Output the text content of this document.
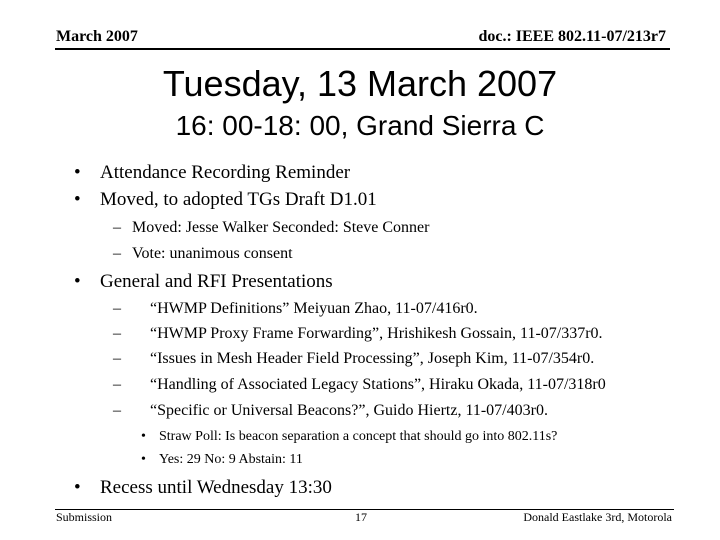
March 2007	doc.: IEEE 802.11-07/213r7
Tuesday, 13 March 2007
16: 00-18: 00, Grand Sierra C
• Attendance Recording Reminder
• Moved, to adopted TGs Draft D1.01
– Moved: Jesse Walker Seconded: Steve Conner
– Vote: unanimous consent
• General and RFI Presentations
– “HWMP Definitions” Meiyuan Zhao, 11-07/416r0.
– “HWMP Proxy Frame Forwarding”, Hrishikesh Gossain, 11-07/337r0.
– “Issues in Mesh Header Field Processing”, Joseph Kim, 11-07/354r0.
– “Handling of Associated Legacy Stations”, Hiraku Okada, 11-07/318r0
– “Specific or Universal Beacons?”, Guido Hiertz, 11-07/403r0.
• Straw Poll: Is beacon separation a concept that should go into 802.11s?
• Yes: 29 No: 9 Abstain: 11
• Recess until Wednesday 13:30
Submission	17	Donald Eastlake 3rd, Motorola
